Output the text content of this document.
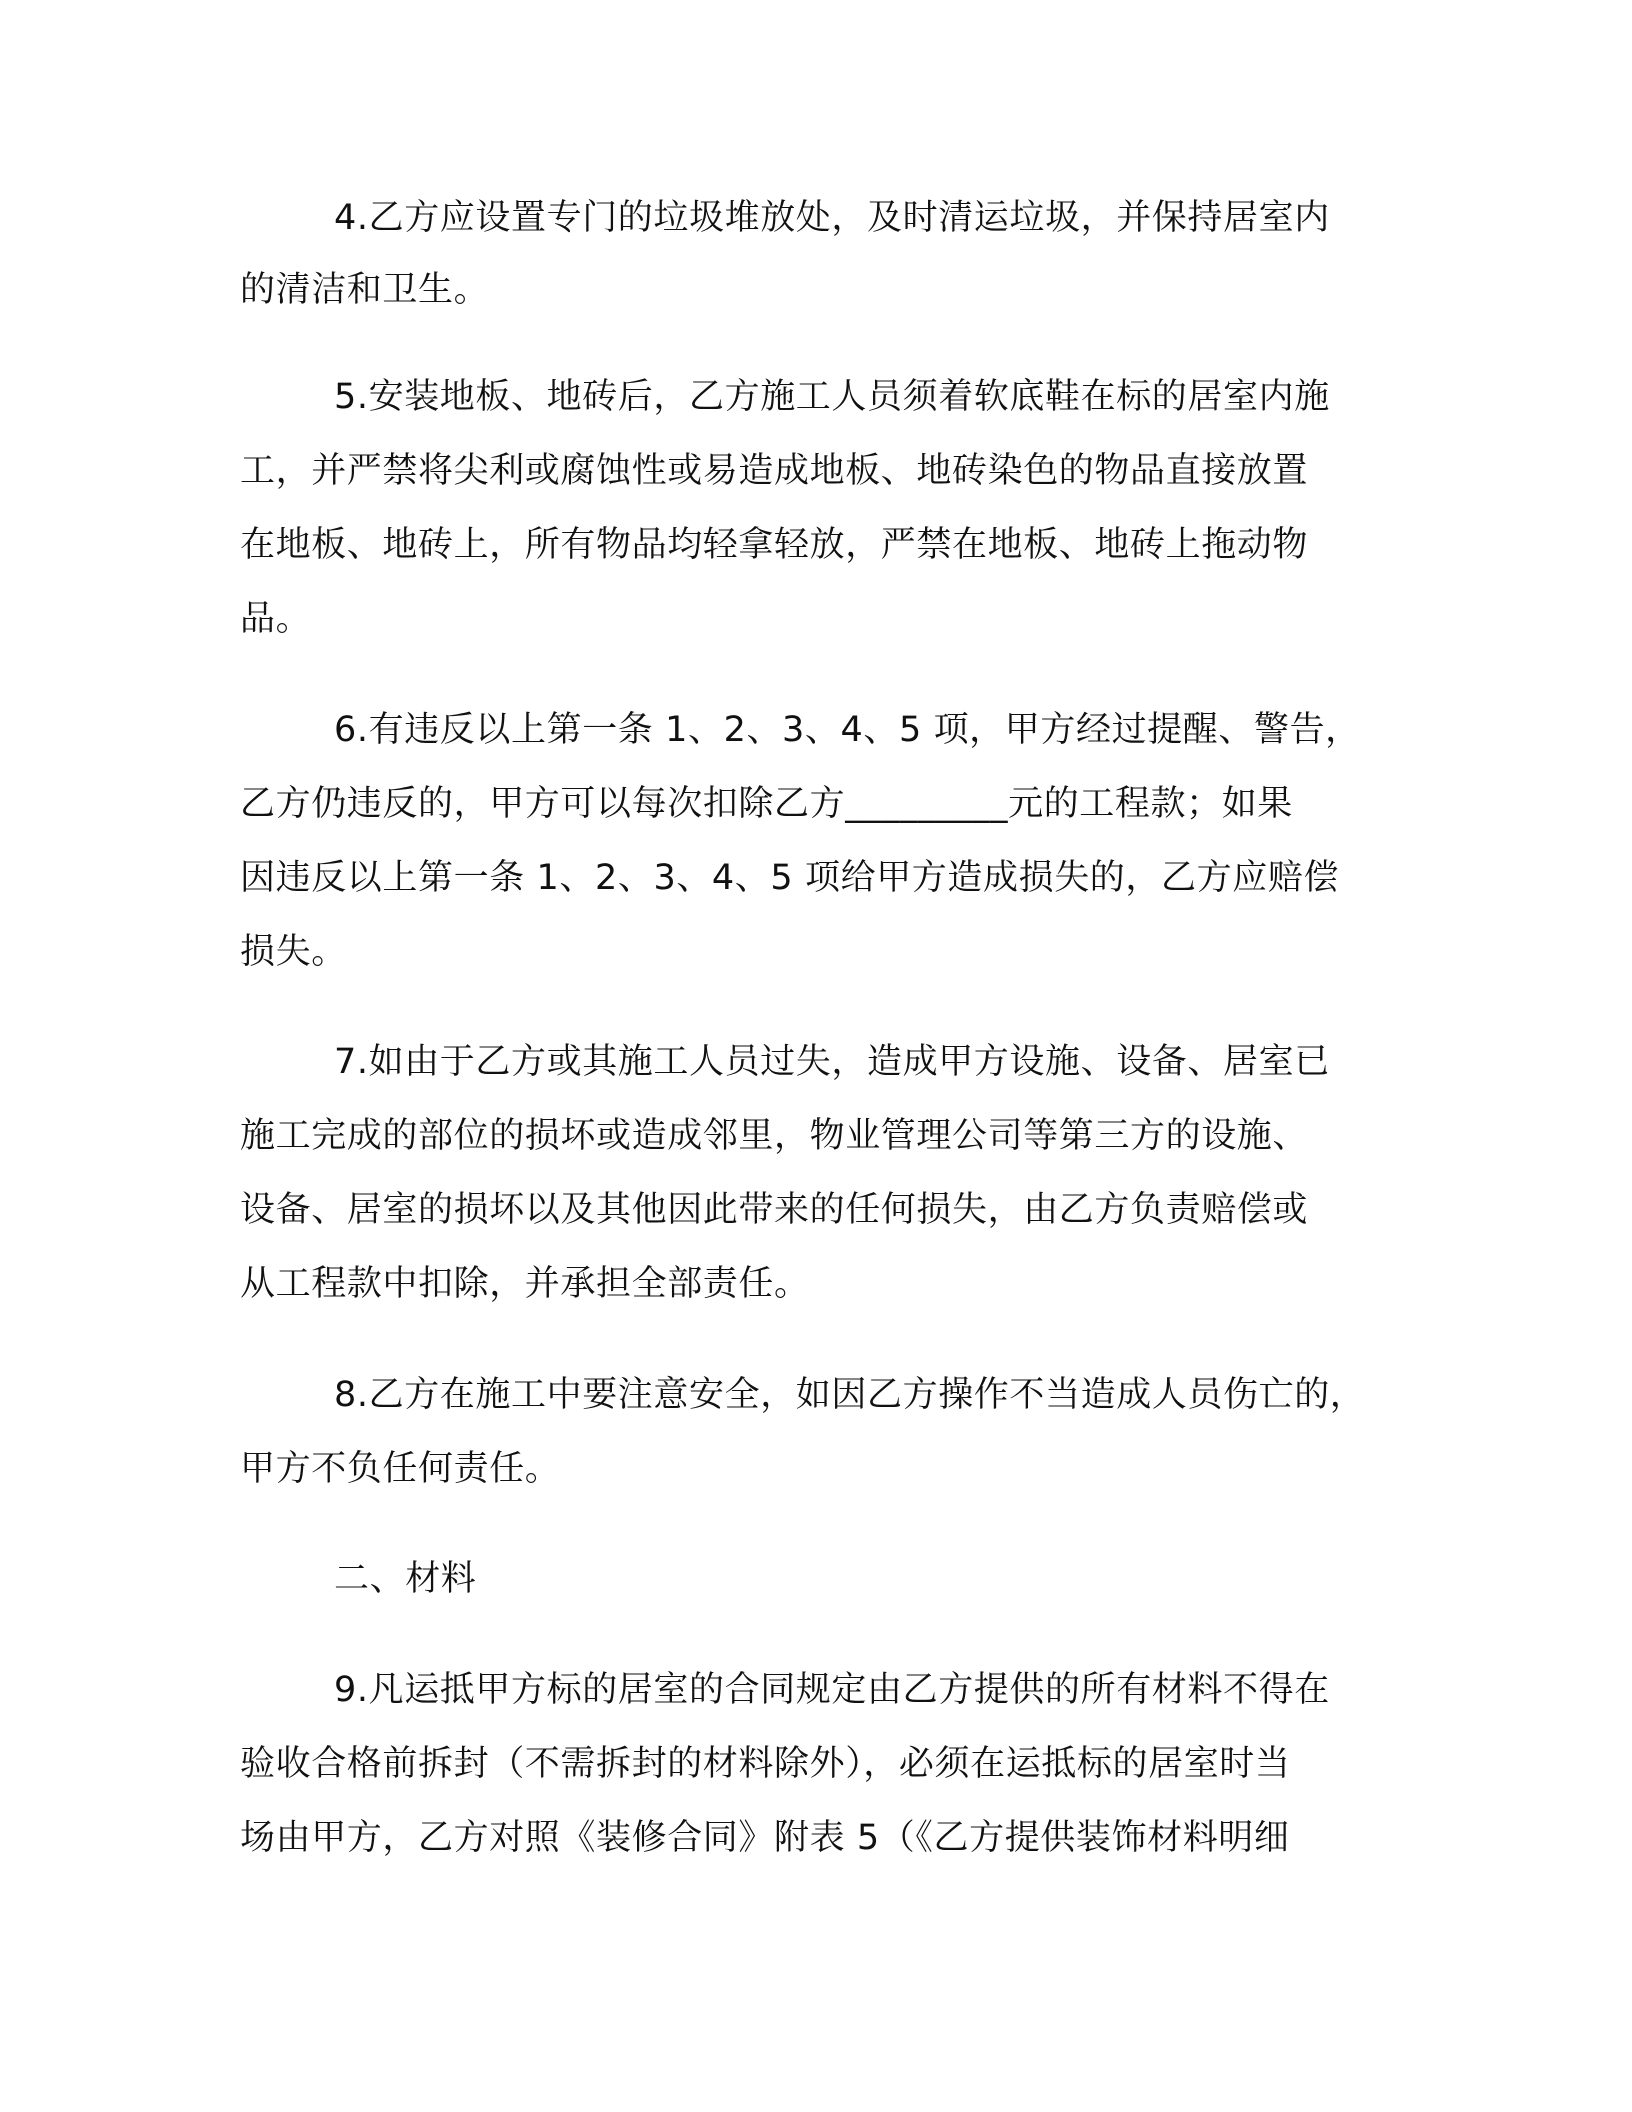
4.乙方应设置专门的垃圾堆放处，及时清运垃圾，并保持居室内
的清洁和卫生。
5.安装地板、地砖后，乙方施工人员须着软底鞋在标的居室内施
工，并严禁将尖利或腐蚀性或易造成地板、地砖染色的物品直接放置
在地板、地砖上，所有物品均轻拿轻放，严禁在地板、地砖上拖动物
品。
6.有违反以上第一条 1、2、3、4、5 项，甲方经过提醒、警告，
乙方仍违反的，甲方可以每次扣除乙方_________元的工程款；如果
因违反以上第一条 1、2、3、4、5 项给甲方造成损失的，乙方应赔偿
损失。
7.如由于乙方或其施工人员过失，造成甲方设施、设备、居室已
施工完成的部位的损坏或造成邻里，物业管理公司等第三方的设施、
设备、居室的损坏以及其他因此带来的任何损失，由乙方负责赔偿或
从工程款中扣除，并承担全部责任。
8.乙方在施工中要注意安全，如因乙方操作不当造成人员伤亡的，
甲方不负任何责任。
二、材料
9.凡运抵甲方标的居室的合同规定由乙方提供的所有材料不得在
验收合格前拆封（不需拆封的材料除外），必须在运抵标的居室时当
场由甲方，乙方对照《装修合同》附表 5（《乙方提供装饰材料明细
